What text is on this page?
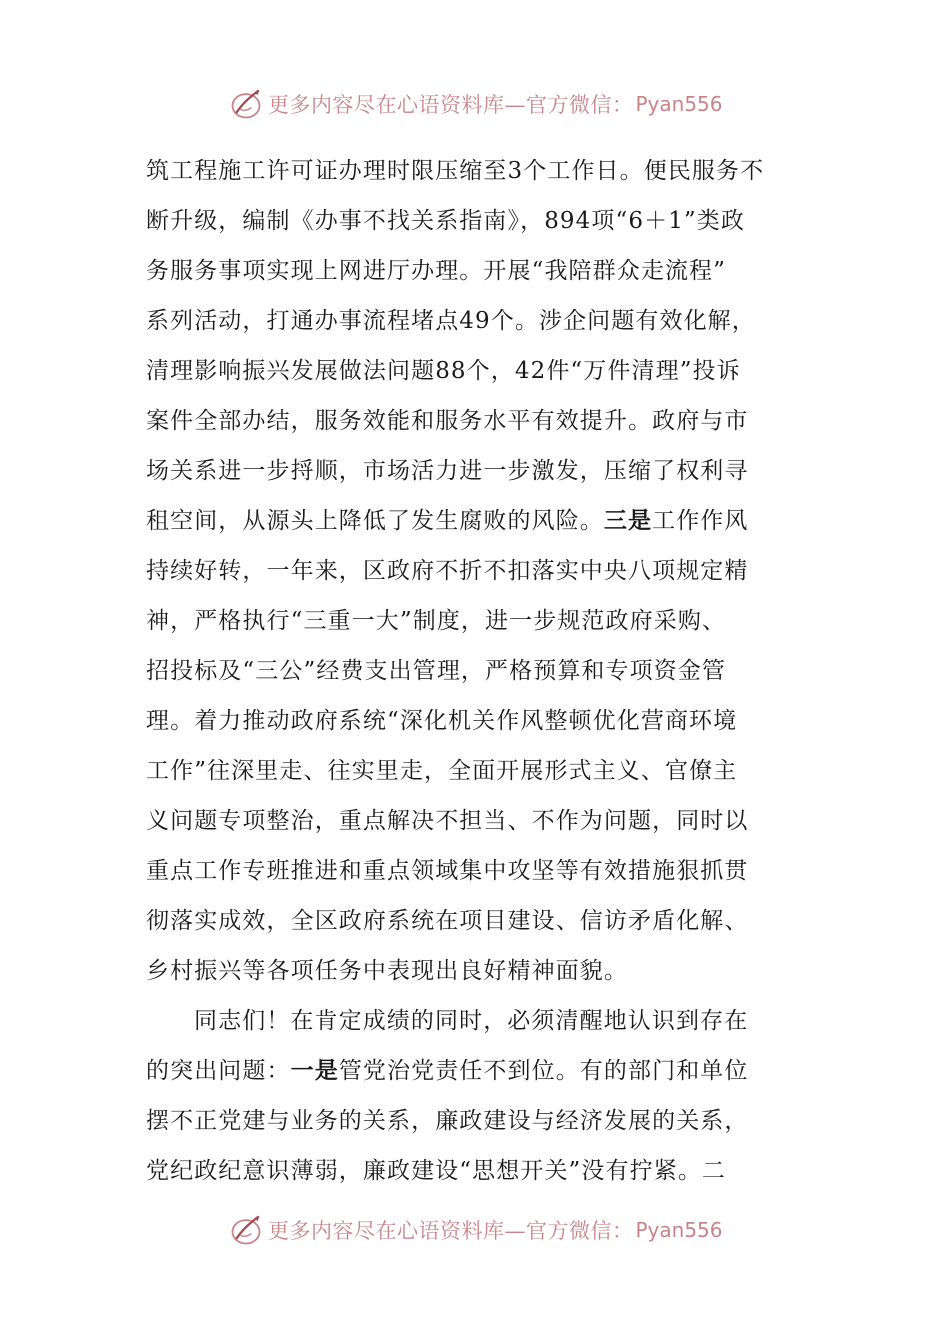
更多内容尽在心语资料库—官方微信： Pyan556
筑工程施工许可证办理时限压缩至3个工作日。便民服务不
断升级，编制《办事不找关系指南》，894项“6＋1”类政
务服务事项实现上网进厅办理。开展“我陪群众走流程”
系列活动，打通办事流程堵点49个。涉企问题有效化解，
清理影响振兴发展做法问题88个，42件“万件清理”投诉
案件全部办结，服务效能和服务水平有效提升。政府与市
场关系进一步捋顺，市场活力进一步激发，压缩了权利寻
租空间，从源头上降低了发生腐败的风险。三是工作作风
持续好转，一年来，区政府不折不扣落实中央八项规定精
神，严格执行“三重一大”制度，进一步规范政府采购、
招投标及“三公”经费支出管理，严格预算和专项资金管
理。着力推动政府系统“深化机关作风整顿优化营商环境
工作”往深里走、往实里走，全面开展形式主义、官僚主
义问题专项整治，重点解决不担当、不作为问题，同时以
重点工作专班推进和重点领域集中攻坚等有效措施狠抓贯
彻落实成效，全区政府系统在项目建设、信访矛盾化解、
乡村振兴等各项任务中表现出良好精神面貌。
同志们！在肯定成绩的同时，必须清醒地认识到存在
的突出问题：一是管党治党责任不到位。有的部门和单位
摆不正党建与业务的关系，廉政建设与经济发展的关系，
党纪政纪意识薄弱，廉政建设“思想开关”没有拧紧。二
更多内容尽在心语资料库—官方微信： Pyan556
